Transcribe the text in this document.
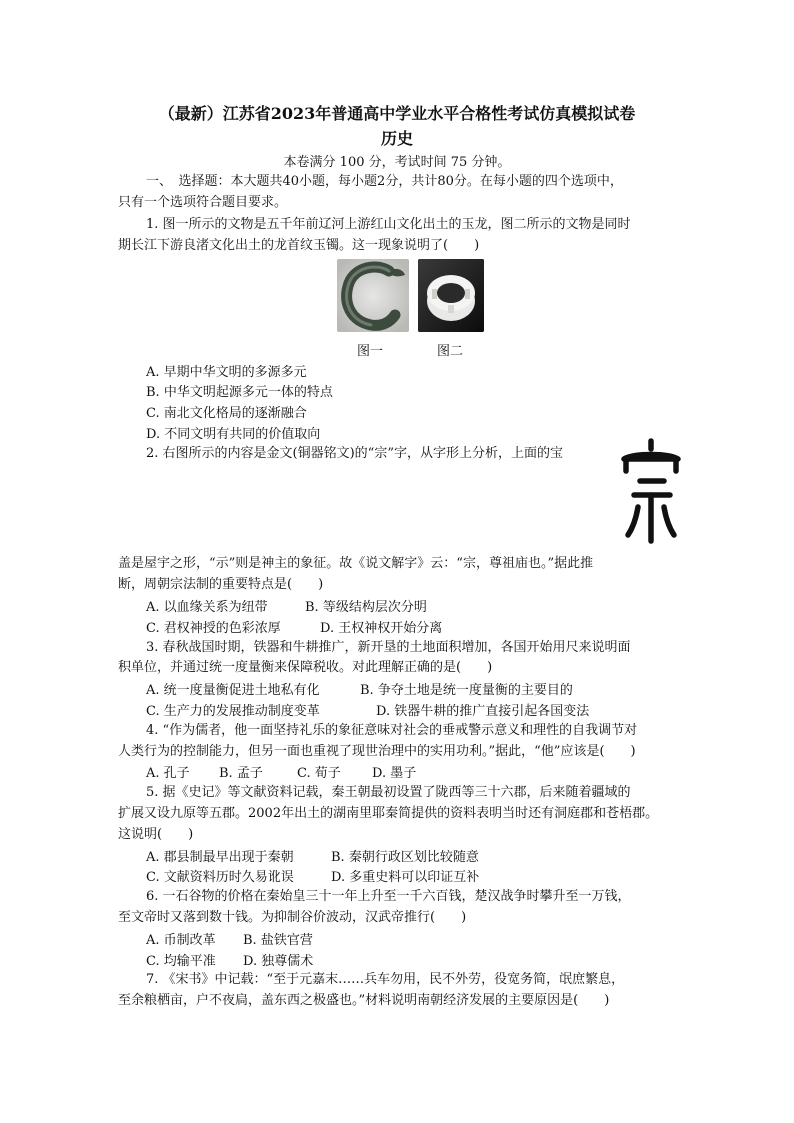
（最新）江苏省2023年普通高中学业水平合格性考试仿真模拟试卷
历史
本卷满分 100 分，考试时间 75 分钟。
一、　选择题：本大题共40小题，每小题2分，共计80分。在每小题的四个选项中，
只有一个选项符合题目要求。
1. 图一所示的文物是五千年前辽河上游红山文化出土的玉龙，图二所示的文物是同时
期长江下游良渚文化出土的龙首纹玉镯。这一现象说明了(　　)
图一	图二
A. 早期中华文明的多源多元
B. 中华文明起源多元一体的特点
C. 南北文化格局的逐渐融合
D. 不同文明有共同的价值取向
2. 右图所示的内容是金文(铜器铭文)的“宗”字，从字形上分析，上面的宝
盖是屋宇之形，“示”则是神主的象征。故《说文解字》云：“宗，尊祖庙也。”据此推
断，周朝宗法制的重要特点是(　　)
A. 以血缘关系为纽带	B. 等级结构层次分明
C. 君权神授的色彩浓厚	D. 王权神权开始分离
3. 春秋战国时期，铁器和牛耕推广，新开垦的土地面积增加，各国开始用尺来说明面
积单位，并通过统一度量衡来保障税收。对此理解正确的是(　　)
A. 统一度量衡促进土地私有化	B. 争夺土地是统一度量衡的主要目的
C. 生产力的发展推动制度变革	D. 铁器牛耕的推广直接引起各国变法
4. “作为儒者，他一面坚持礼乐的象征意味对社会的垂戒警示意义和理性的自我调节对
人类行为的控制能力，但另一面也重视了现世治理中的实用功利。”据此，“他”应该是(　　)
A. 孔子 B. 孟子	C. 荀子 D. 墨子
5. 据《史记》等文献资料记载，秦王朝最初设置了陇西等三十六郡，后来随着疆域的
扩展又设九原等五郡。2002年出土的湖南里耶秦简提供的资料表明当时还有洞庭郡和苍梧郡。
这说明(　　)
A. 郡县制最早出现于秦朝	B. 秦朝行政区划比较随意
C. 文献资料历时久易讹误	D. 多重史料可以印证互补
6. 一石谷物的价格在秦始皇三十一年上升至一千六百钱，楚汉战争时攀升至一万钱，
至文帝时又落到数十钱。为抑制谷价波动，汉武帝推行(　　)
A. 币制改革 B. 盐铁官营
C. 均输平准 D. 独尊儒术
7. 《宋书》中记载：“至于元嘉末……兵车勿用，民不外劳，役宽务简，氓庶繁息，
至余粮栖亩，户不夜扃，盖东西之极盛也。”材料说明南朝经济发展的主要原因是(　　)
